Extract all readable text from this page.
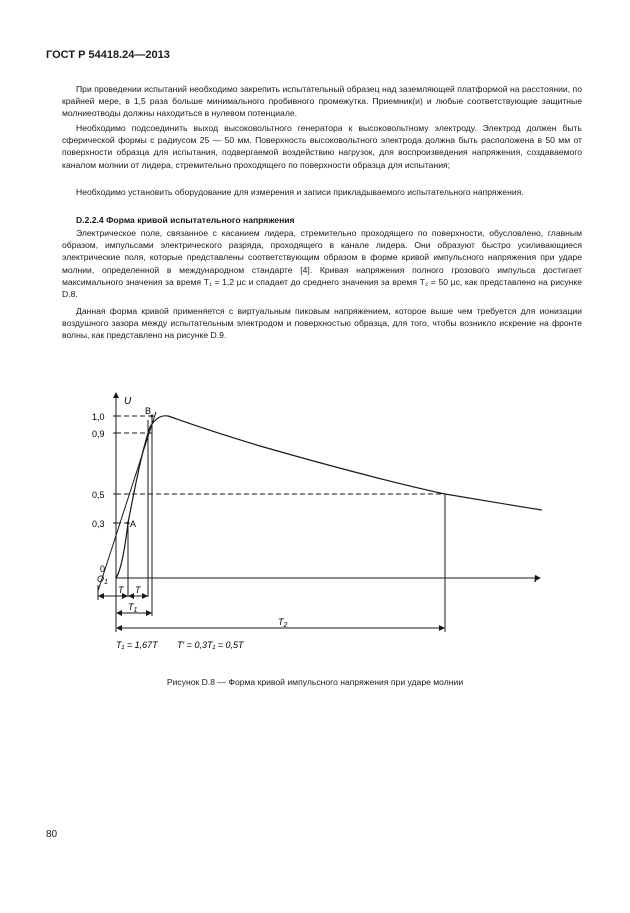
ГОСТ Р 54418.24—2013

При проведении испытаний необходимо закрепить испытательный образец над заземляющей платформой на расстоянии, по крайней мере, в 1,5 раза больше минимального пробивного промежутка. Приемник(и) и любые соответствующие защитные молниеотводы должны находиться в нулевом потенциале.

Необходимо подсоединить выход высоковольтного генератора к высоковольтному электроду. Электрод должен быть сферической формы с радиусом 25 — 50 мм. Поверхность высоковольтного электрода должна быть расположена в 50 мм от поверхности образца для испытания, подвергаемой воздействию нагрузок, для воспроизведения напряжения, создаваемого каналом молнии от лидера, стремительно проходящего по поверхности образца для испытания;

Необходимо установить оборудование для измерения и записи прикладываемого испытательного напряжения.

D.2.2.4 Форма кривой испытательного напряжения

Электрическое поле, связанное с касанием лидера, стремительно проходящего по поверхности, обусловлено, главным образом, импульсами электрического разряда, проходящего в канале лидера. Они образуют быстро усиливающиеся электрические поля, которые представлены соответствующим образом в форме кривой импульсного напряжения при ударе молнии, определенной в международном стандарте [4]. Кривая напряжения полного грозового импульса достигает максимального значения за время T₁ = 1,2 µс и спадает до среднего значения за время T₂ = 50 µс, как представлено на рисунке D.8.

Данная форма кривой применяется с виртуальным пиковым напряжением, которое выше чем требуется для ионизации воздушного зазора между испытательным электродом и поверхностью образца, для того, чтобы возникло искрение на фронте волны, как представлено на рисунке D.9.

U
t
1,0
0,9
0,5
0,3
0
A
B
$O_1$
T T
$T_1$
$T_2$
T₁ = 1,67T T′ = 0,3T₁ = 0,5T
Рисунок D.8 — Форма кривой импульсного напряжения при ударе молнии
80
